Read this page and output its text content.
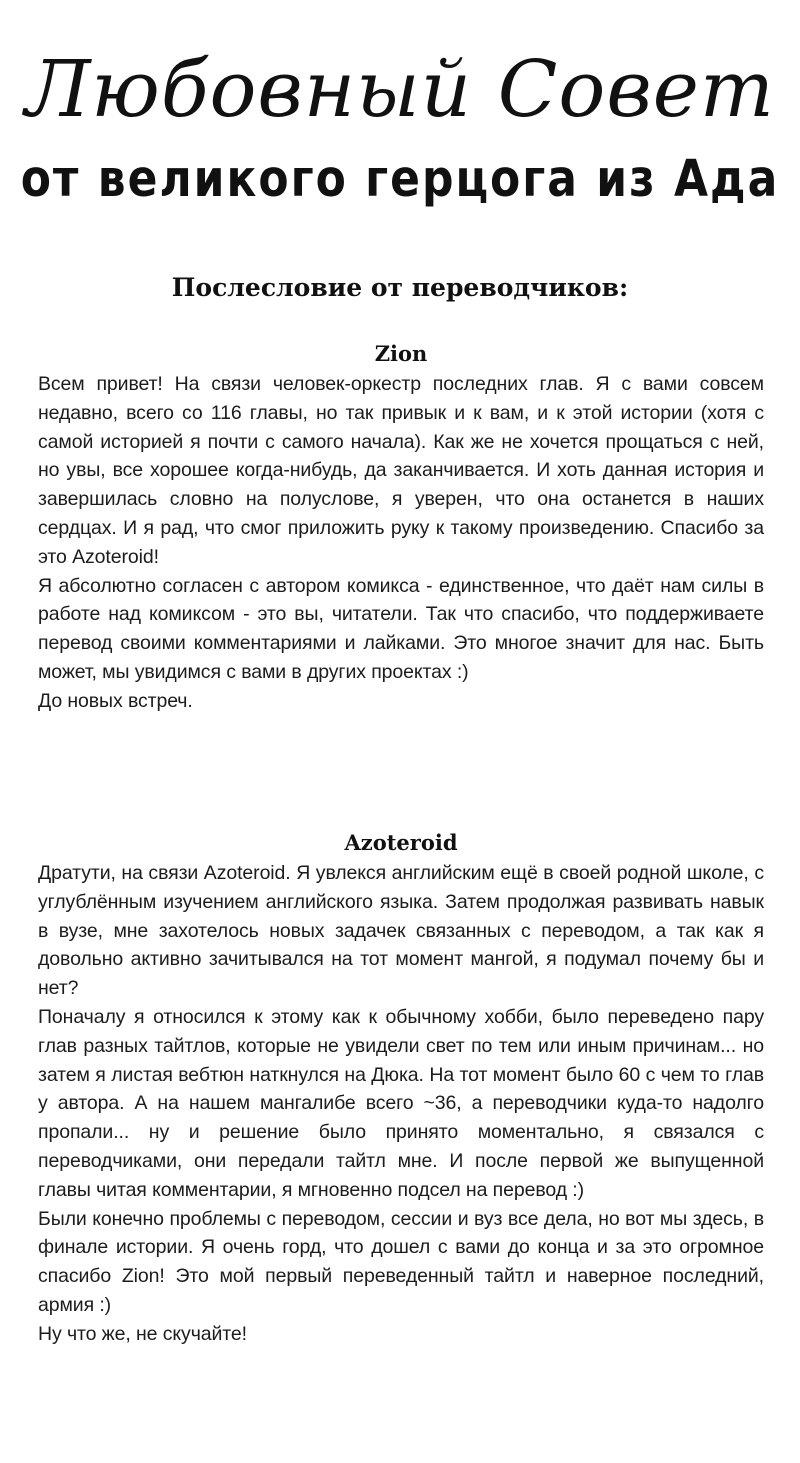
Любовный Совет
от великого герцога из Ада
Послесловие от переводчиков:
Zion

Всем привет! На связи человек-оркестр последних глав. Я с вами совсем недавно, всего со 116 главы, но так привык и к вам, и к этой истории (хотя с самой историей я почти с самого начала). Как же не хочется прощаться с ней, но увы, все хорошее когда-нибудь, да заканчивается. И хоть данная история и завершилась словно на полуслове, я уверен, что она останется в наших сердцах. И я рад, что смог приложить руку к такому произведению. Спасибо за это Azoteroid!

Я абсолютно согласен с автором комикса - единственное, что даёт нам силы в работе над комиксом - это вы, читатели. Так что спасибо, что поддерживаете перевод своими комментариями и лайками. Это многое значит для нас. Быть может, мы увидимся с вами в других проектах :)

До новых встреч.

Azoteroid

Дратути, на связи Azoteroid. Я увлекся английским ещё в своей родной школе, с углублённым изучением английского языка. Затем продолжая развивать навык в вузе, мне захотелось новых задачек связанных с переводом, а так как я довольно активно зачитывался на тот момент мангой, я подумал почему бы и нет?

Поначалу я относился к этому как к обычному хобби, было переведено пару глав разных тайтлов, которые не увидели свет по тем или иным причинам... но затем я листая вебтюн наткнулся на Дюка. На тот момент было 60 с чем то глав у автора. А на нашем мангалибе всего ~36, а переводчики куда-то надолго пропали... ну и решение было принято моментально, я связался с переводчиками, они передали тайтл мне. И после первой же выпущенной главы читая комментарии, я мгновенно подсел на перевод :)

Были конечно проблемы с переводом, сессии и вуз все дела, но вот мы здесь, в финале истории. Я очень горд, что дошел с вами до конца и за это огромное спасибо Zion! Это мой первый переведенный тайтл и наверное последний, армия :)

Ну что же, не скучайте!
